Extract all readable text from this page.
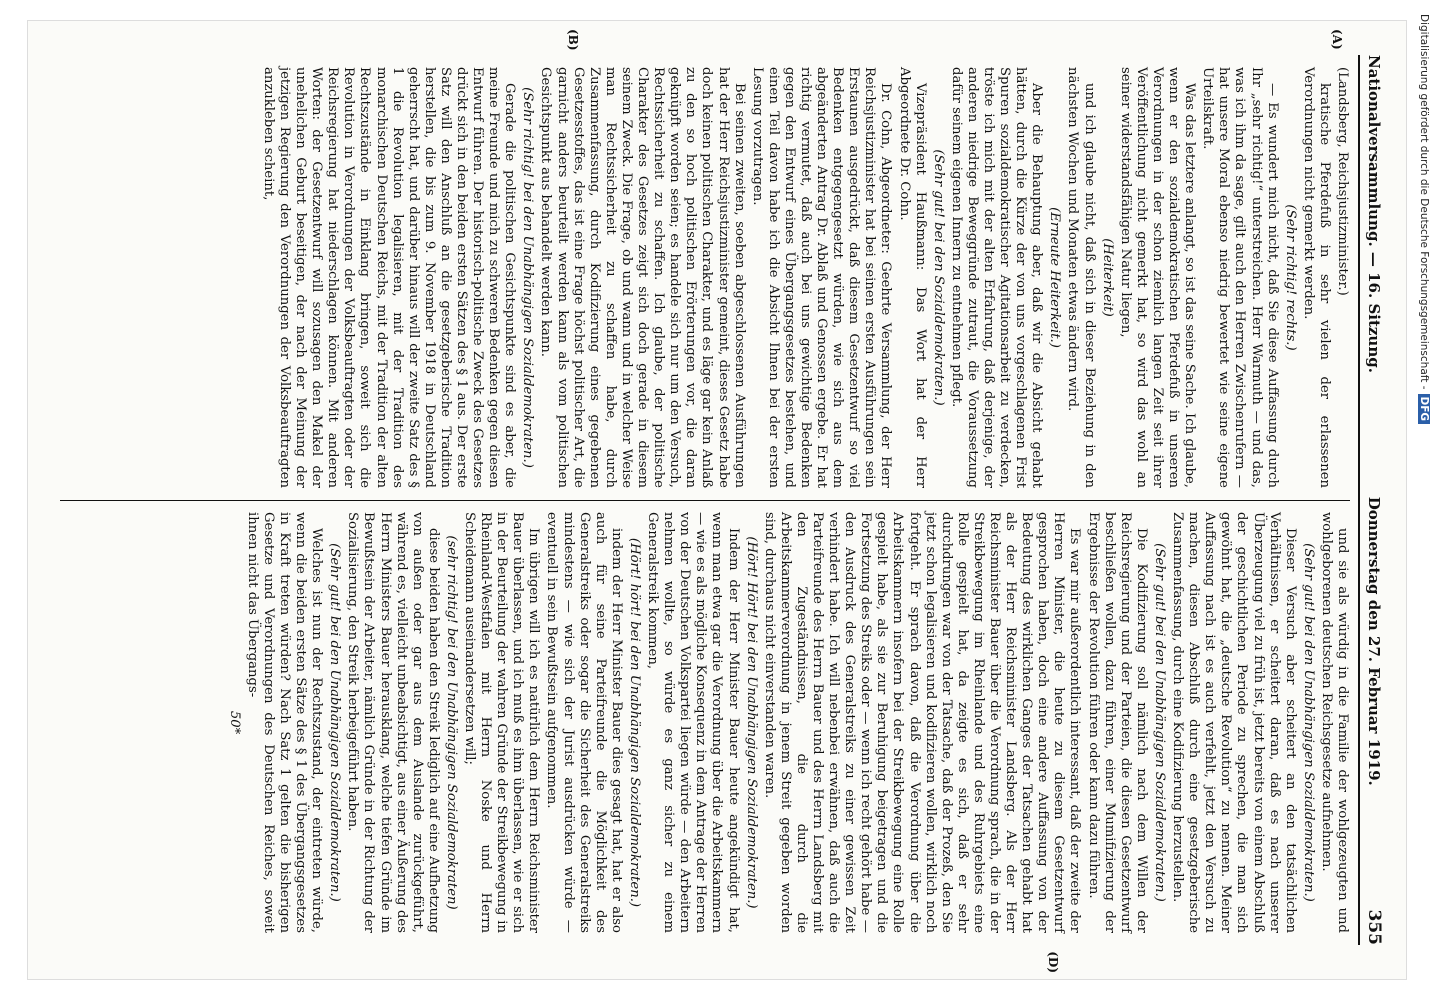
Nationalversammlung. — 16. Sitzung.
Donnerstag den 27. Februar 1919.
355
(A)
(B)
(D)

(Landsberg, Reichsjustizminister.)

kratische Pferdefuß in sehr vielen der erlassenen Verordnungen nicht gemerkt werden.

(Sehr richtig! rechts.)

— Es wundert mich nicht, daß Sie diese Auffassung durch Ihr „sehr richtig!“ unterstreichen. Herr Warmuth — und das, was ich ihm da sage, gilt auch den Herren Zwischenrufern — hat unsere Moral ebenso niedrig bewertet wie seine eigene Urteilskraft.

Was das letztere anlangt, so ist das seine Sache. Ich glaube, wenn er den sozialdemokratischen Pferdefuß in unseren Verordnungen in der schon ziemlich langen Zeit seit ihrer Veröffentlichung nicht gemerkt hat, so wird das wohl an seiner widerstandsfähigen Natur liegen,

(Heiterkeit)

und ich glaube nicht, daß sich in dieser Beziehung in den nächsten Wochen und Monaten etwas ändern wird.

(Erneute Heiterkeit.)

Aber die Behauptung aber, daß wir die Absicht gehabt hätten, durch die Kürze der von uns vorgeschlagenen Frist Spuren sozialdemokratischer Agitationsarbeit zu verdecken, tröste ich mich mit der alten Erfahrung, daß derjenige, der anderen niedrige Beweggründe zutraut, die Voraussetzung dafür seinem eigenen Innern zu entnehmen pflegt.

(Sehr gut! bei den Sozialdemokraten.)

Vizepräsident Haußmann: Das Wort hat der Herr Abgeordnete Dr. Cohn.

Dr. Cohn, Abgeordneter: Geehrte Versammlung, der Herr Reichsjustizminister hat bei seinen ersten Ausführungen sein Erstaunen ausgedrückt, daß diesem Gesetzentwurf so viel Bedenken entgegengesetzt würden, wie sich aus dem abgeänderten Antrag Dr. Ablaß und Genossen ergebe. Er hat richtig vermutet, daß auch bei uns gewichtige Bedenken gegen den Entwurf eines Übergangsgesetzes bestehen, und einen Teil davon habe ich die Absicht Ihnen bei der ersten Lesung vorzutragen.

Bei seinen zweiten, soeben abgeschlossenen Ausführungen hat der Herr Reichsjustizminister gemeint, dieses Gesetz habe doch keinen politischen Charakter, und es läge gar kein Anlaß zu den so hoch politischen Erörterungen vor, die daran geknüpft worden seien; es handele sich nur um den Versuch, Rechtssicherheit zu schaffen. Ich glaube, der politische Charakter des Gesetzes zeigt sich doch gerade in diesem seinem Zweck. Die Frage, ob und wann und in welcher Weise man Rechtssicherheit zu schaffen habe, durch Zusammenfassung, durch Kodifizierung eines gegebenen Gesetzesstoffes, das ist eine Frage höchst politischer Art, die garnicht anders beurteilt werden kann als vom politischen Gesichtspunkt aus behandelt werden kann.

(Sehr richtig! bei den Unabhängigen Sozialdemokraten.)

Gerade die politischen Gesichtspunkte sind es aber, die meine Freunde und mich zu schweren Bedenken gegen diesen Entwurf führen. Der historisch-politische Zweck des Gesetzes drückt sich in den beiden ersten Sätzen des § 1 aus. Der erste Satz will den Anschluß an die gesetzgeberische Tradition herstellen, die bis zum 9. November 1918 in Deutschland geherrscht hat, und darüber hinaus will der zweite Satz des § 1 die Revolution legalisieren, mit der Tradition des monarchischen Deutschen Reichs, mit der Tradition der alten Rechtszustände in Einklang bringen, soweit sich die Revolution in Verordnungen der Volksbeauftragten oder der Reichsregierung hat niederschlagen können. Mit anderen Worten: der Gesetzentwurf will sozusagen den Makel der unehelichen Geburt beseitigen, der nach der Meinung der jetzigen Regierung den Verordnungen der Volksbeauftragten anzukleben scheint,

und sie als würdig in die Familie der wohlgezeugten und wohlgeborenen deutschen Reichsgesetze aufnehmen.

(Sehr gut! bei den Unabhängigen Sozialdemokraten.)

Dieser Versuch aber scheitert an den tatsächlichen Verhältnissen, er scheitert daran, daß es nach unserer Überzeugung viel zu früh ist, jetzt bereits von einem Abschluß der geschichtlichen Periode zu sprechen, die man sich gewöhnt hat, die „deutsche Revolution“ zu nennen. Meiner Auffassung nach ist es auch verfehlt, jetzt den Versuch zu machen, diesen Abschluß durch eine gesetzgeberische Zusammenfassung, durch eine Kodifizierung herzustellen.

(Sehr gut! bei den Unabhängigen Sozialdemokraten.)

Die Kodifizierung soll nämlich nach dem Willen der Reichsregierung und der Parteien, die diesen Gesetzentwurf beschließen wollen, dazu führen, einer Mumifizierung der Ergebnisse der Revolution führen oder kann dazu führen.

Es war mir außerordentlich interessant, daß der zweite der Herren Minister, die heute zu diesem Gesetzentwurf gesprochen haben, doch eine andere Auffassung von der Bedeutung des wirklichen Ganges der Tatsachen gehabt hat als der Herr Reichsminister Landsberg. Als der Herr Reichsminister Bauer über die Verordnung sprach, die in der Streikbewegung im Rheinlande und des Ruhrgebiets eine Rolle gespielt hat, da zeigte es sich, daß er sehr durchdrungen war von der Tatsache, daß der Prozeß, den Sie jetzt schon legalisieren und kodifizieren wollen, wirklich noch fortgeht. Er sprach davon, daß die Verordnung über die Arbeitskammern insofern bei der Streikbewegung eine Rolle gespielt habe, als sie zur Beruhigung beigetragen und die Fortsetzung des Streiks oder — wenn ich recht gehört habe — den Ausdruck des Generalstreiks zu einer gewissen Zeit verhindert habe. Ich will nebenbei erwähnen, daß auch die Parteifreunde des Herrn Bauer und des Herrn Landsberg mit den Zugeständnissen, die durch die Arbeitskammerverordnung in jenem Streit gegeben worden sind, durchaus nicht einverstanden waren.

(Hört! Hört! bei den Unabhängigen Sozialdemokraten.)

Indem der Herr Minister Bauer heute angekündigt hat, wenn man etwa gar die Verordnung über die Arbeitskammern — wie es als mögliche Konsequenz in dem Antrage der Herren von der Deutschen Volkspartei liegen würde — den Arbeitern nehmen wollte, so würde es ganz sicher zu einem Generalstreik kommen,

(Hört! hört! bei den Unabhängigen Sozialdemokraten.)

indem der Herr Minister Bauer dies gesagt hat, hat er also auch für seine Parteifreunde die Möglichkeit des Generalstreiks oder sogar die Sicherheit des Generalstreiks mindestens — wie sich der Jurist ausdrücken würde — eventuell in sein Bewußtsein aufgenommen.

Im übrigen will ich es natürlich dem Herrn Reichsminister Bauer überlassen, und ich muß es ihm überlassen, wie er sich in der Beurteilung der wahren Gründe der Streikbewegung in Rheinland-Westfalen mit Herrn Noske und Herrn Scheidemann auseinandersetzen will;

(sehr richtig! bei den Unabhängigen Sozialdemokraten)

diese beiden haben den Streik lediglich auf eine Aufhetzung von außen oder gar aus dem Auslande zurückgeführt, während es, vielleicht unbeabsichtigt, aus einer Äußerung des Herrn Ministers Bauer herausklang, welche tiefen Gründe im Bewußtsein der Arbeiter, nämlich Gründe in der Richtung der Sozialisierung, den Streik herbeigeführt haben.

(Sehr gut! bei den Unabhängigen Sozialdemokraten.)

Welches ist nun der Rechtszustand, der eintreten würde, wenn die beiden ersten Sätze des § 1 des Übergangsgesetzes in Kraft treten würden? Nach Satz 1 gelten die bisherigen Gesetze und Verordnungen des Deutschen Reiches, soweit ihnen nicht das Übergangs-

50*

Digitalisierung gefördert durch die Deutsche Forschungsgemeinschaft -DFG
